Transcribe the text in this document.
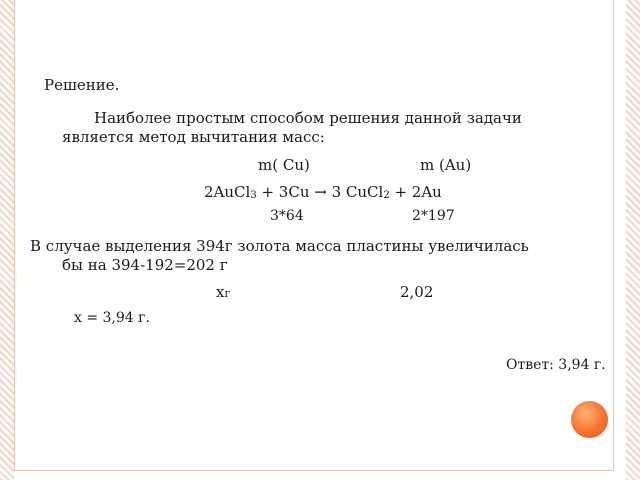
Решение.
Наиболее простым способом решения данной задачи
является метод вычитания масс:
m( Cu)	m (Au)
2AuCl$_3$ + 3Cu → 3 CuCl$_2$ + 2Au
3*64	2*197
В случае выделения 394г золота масса пластины увеличилась
бы на 394-192=202 г
xг	2,02
x = 3,94 г.
Ответ: 3,94 г.
